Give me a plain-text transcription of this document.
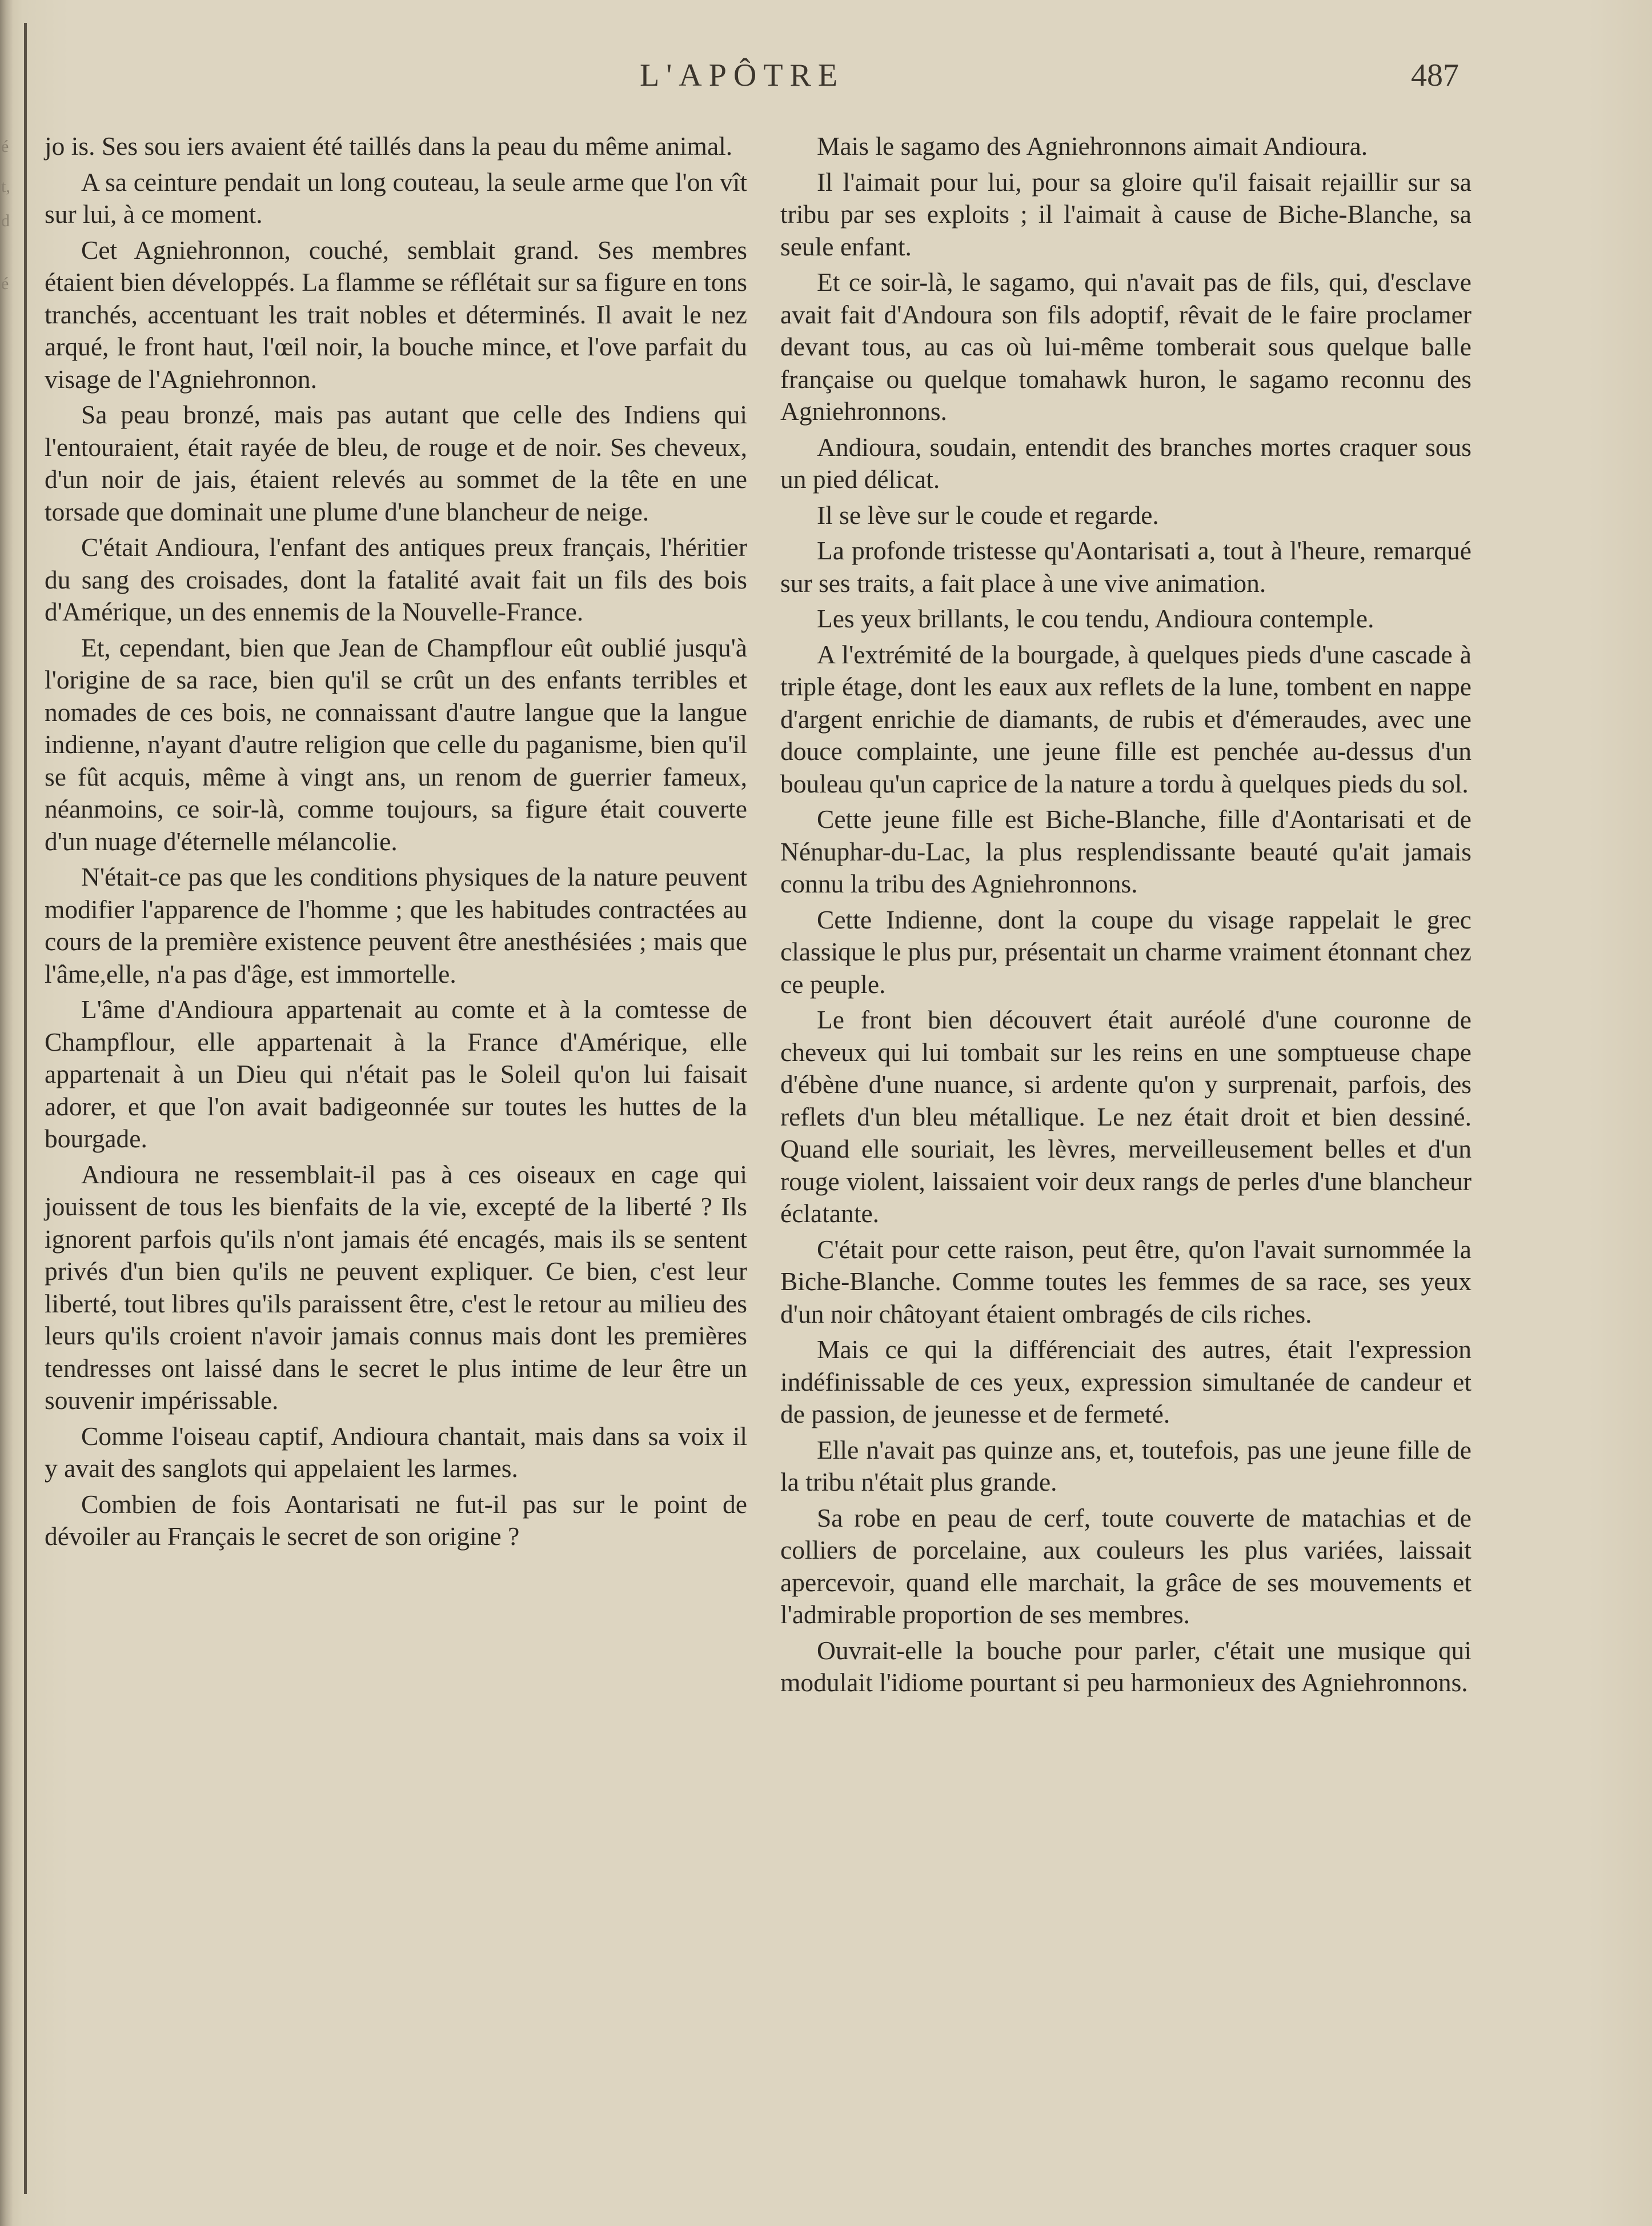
é
t,
d
é
L'APÔTRE	487

jo is. Ses sou iers avaient été taillés dans la peau du même animal.

A sa ceinture pendait un long couteau, la seule arme que l'on vît sur lui, à ce moment.

Cet Agniehronnon, couché, semblait grand. Ses membres étaient bien développés. La flamme se réflétait sur sa figure en tons tranchés, accentuant les trait nobles et déterminés. Il avait le nez arqué, le front haut, l'œil noir, la bouche mince, et l'ove parfait du visage de l'Agniehronnon.

Sa peau bronzé, mais pas autant que celle des Indiens qui l'entouraient, était rayée de bleu, de rouge et de noir. Ses cheveux, d'un noir de jais, étaient relevés au sommet de la tête en une torsade que dominait une plume d'une blancheur de neige.

C'était Andioura, l'enfant des antiques preux français, l'héritier du sang des croisades, dont la fatalité avait fait un fils des bois d'Amérique, un des ennemis de la Nouvelle-France.

Et, cependant, bien que Jean de Champflour eût oublié jusqu'à l'origine de sa race, bien qu'il se crût un des enfants terribles et nomades de ces bois, ne connaissant d'autre langue que la langue indienne, n'ayant d'autre religion que celle du paganisme, bien qu'il se fût acquis, même à vingt ans, un renom de guerrier fameux, néanmoins, ce soir-là, comme toujours, sa figure était couverte d'un nuage d'éternelle mélancolie.

N'était-ce pas que les conditions physiques de la nature peuvent modifier l'apparence de l'homme ; que les habitudes contractées au cours de la première existence peuvent être anesthésiées ; mais que l'âme,elle, n'a pas d'âge, est immortelle.

L'âme d'Andioura appartenait au comte et à la comtesse de Champflour, elle appartenait à la France d'Amérique, elle appartenait à un Dieu qui n'était pas le Soleil qu'on lui faisait adorer, et que l'on avait badigeonnée sur toutes les huttes de la bourgade.

Andioura ne ressemblait-il pas à ces oiseaux en cage qui jouissent de tous les bienfaits de la vie, excepté de la liberté ? Ils ignorent parfois qu'ils n'ont jamais été encagés, mais ils se sentent privés d'un bien qu'ils ne peuvent expliquer. Ce bien, c'est leur liberté, tout libres qu'ils paraissent être, c'est le retour au milieu des leurs qu'ils croient n'avoir jamais connus mais dont les premières tendresses ont laissé dans le secret le plus intime de leur être un souvenir impérissable.

Comme l'oiseau captif, Andioura chantait, mais dans sa voix il y avait des sanglots qui appelaient les larmes.

Combien de fois Aontarisati ne fut-il pas sur le point de dévoiler au Français le secret de son origine ?

Mais le sagamo des Agniehronnons aimait Andioura.

Il l'aimait pour lui, pour sa gloire qu'il faisait rejaillir sur sa tribu par ses exploits ; il l'aimait à cause de Biche-Blanche, sa seule enfant.

Et ce soir-là, le sagamo, qui n'avait pas de fils, qui, d'esclave avait fait d'Andoura son fils adoptif, rêvait de le faire proclamer devant tous, au cas où lui-même tomberait sous quelque balle française ou quelque tomahawk huron, le sagamo reconnu des Agniehronnons.

Andioura, soudain, entendit des branches mortes craquer sous un pied délicat.

Il se lève sur le coude et regarde.

La profonde tristesse qu'Aontarisati a, tout à l'heure, remarqué sur ses traits, a fait place à une vive animation.

Les yeux brillants, le cou tendu, Andioura contemple.

A l'extrémité de la bourgade, à quelques pieds d'une cascade à triple étage, dont les eaux aux reflets de la lune, tombent en nappe d'argent enrichie de diamants, de rubis et d'émeraudes, avec une douce complainte, une jeune fille est penchée au-dessus d'un bouleau qu'un caprice de la nature a tordu à quelques pieds du sol.

Cette jeune fille est Biche-Blanche, fille d'Aontarisati et de Nénuphar-du-Lac, la plus resplendissante beauté qu'ait jamais connu la tribu des Agniehronnons.

Cette Indienne, dont la coupe du visage rappelait le grec classique le plus pur, présentait un charme vraiment étonnant chez ce peuple.

Le front bien découvert était auréolé d'une couronne de cheveux qui lui tombait sur les reins en une somptueuse chape d'ébène d'une nuance, si ardente qu'on y surprenait, parfois, des reflets d'un bleu métallique. Le nez était droit et bien dessiné. Quand elle souriait, les lèvres, merveilleusement belles et d'un rouge violent, laissaient voir deux rangs de perles d'une blancheur éclatante.

C'était pour cette raison, peut être, qu'on l'avait surnommée la Biche-Blanche. Comme toutes les femmes de sa race, ses yeux d'un noir châtoyant étaient ombragés de cils riches.

Mais ce qui la différenciait des autres, était l'expression indéfinissable de ces yeux, expression simultanée de candeur et de passion, de jeunesse et de fermeté.

Elle n'avait pas quinze ans, et, toutefois, pas une jeune fille de la tribu n'était plus grande.

Sa robe en peau de cerf, toute couverte de matachias et de colliers de porcelaine, aux couleurs les plus variées, laissait apercevoir, quand elle marchait, la grâce de ses mouvements et l'admirable proportion de ses membres.

Ouvrait-elle la bouche pour parler, c'était une musique qui modulait l'idiome pourtant si peu harmonieux des Agniehronnons.
